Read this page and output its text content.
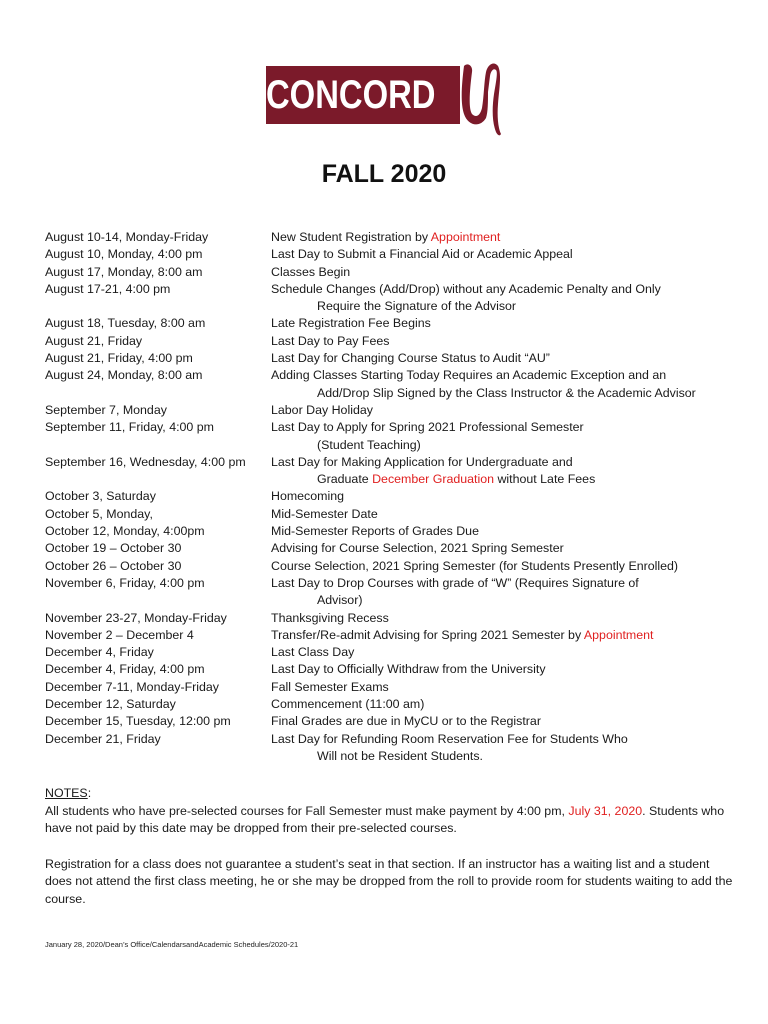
CONCORD
FALL 2020
August 10-14, Monday-Friday	New Student Registration by Appointment
August 10, Monday, 4:00 pm	Last Day to Submit a Financial Aid or Academic Appeal
August 17, Monday, 8:00 am	Classes Begin
August 17-21, 4:00 pm	Schedule Changes (Add/Drop) without any Academic Penalty and Only
Require the Signature of the Advisor
August 18, Tuesday, 8:00 am	Late Registration Fee Begins
August 21, Friday	Last Day to Pay Fees
August 21, Friday, 4:00 pm	Last Day for Changing Course Status to Audit “AU”
August 24, Monday, 8:00 am	Adding Classes Starting Today Requires an Academic Exception and an
Add/Drop Slip Signed by the Class Instructor & the Academic Advisor
September 7, Monday	Labor Day Holiday
September 11, Friday, 4:00 pm	Last Day to Apply for Spring 2021 Professional Semester
(Student Teaching)
September 16, Wednesday, 4:00 pm	Last Day for Making Application for Undergraduate and
Graduate December Graduation without Late Fees
October 3, Saturday	Homecoming
October 5, Monday,	Mid-Semester Date
October 12, Monday, 4:00pm	Mid-Semester Reports of Grades Due
October 19 – October 30	Advising for Course Selection, 2021 Spring Semester
October 26 – October 30	Course Selection, 2021 Spring Semester (for Students Presently Enrolled)
November 6, Friday, 4:00 pm	Last Day to Drop Courses with grade of “W” (Requires Signature of
Advisor)
November 23-27, Monday-Friday	Thanksgiving Recess
November 2 – December 4	Transfer/Re-admit Advising for Spring 2021 Semester by Appointment
December 4, Friday	Last Class Day
December 4, Friday, 4:00 pm	Last Day to Officially Withdraw from the University
December 7-11, Monday-Friday	Fall Semester Exams
December 12, Saturday	Commencement (11:00 am)
December 15, Tuesday, 12:00 pm	Final Grades are due in MyCU or to the Registrar
December 21, Friday	Last Day for Refunding Room Reservation Fee for Students Who
Will not be Resident Students.

NOTES:

All students who have pre-selected courses for Fall Semester must make payment by 4:00 pm, July 31, 2020. Students who have not paid by this date may be dropped from their pre-selected courses.

Registration for a class does not guarantee a student’s seat in that section. If an instructor has a waiting list and a student does not attend the first class meeting, he or she may be dropped from the roll to provide room for students waiting to add the course.

January 28, 2020/Dean’s Office/CalendarsandAcademic Schedules/2020-21
